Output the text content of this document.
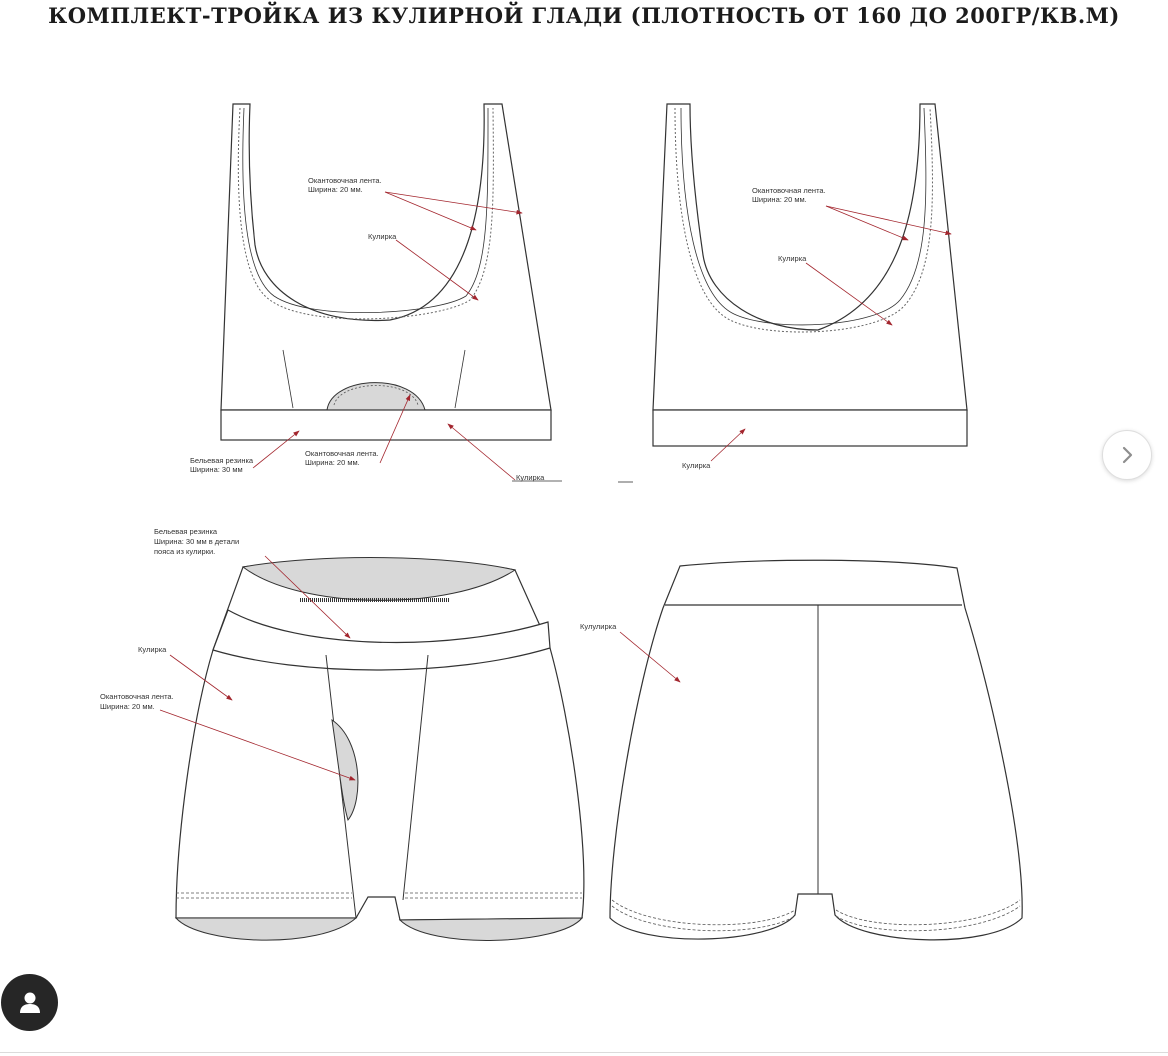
КОМПЛЕКТ-ТРОЙКА ИЗ КУЛИРНОЙ ГЛАДИ (ПЛОТНОСТЬ ОТ 160 ДО 200ГР/КВ.М)
Окантовочная лента.
Ширина: 20 мм.
Кулирка
Бельевая резинка
Ширина: 30 мм
Окантовочная лента.
Ширина: 20 мм.
Кулирка
Окантовочная лента.
Ширина: 20 мм.
Кулирка
Кулирка
Бельевая резинка
Ширина: 30 мм в детали
пояса из кулирки.
Кулирка
Окантовочная лента.
Ширина: 20 мм.
Кулулирка
